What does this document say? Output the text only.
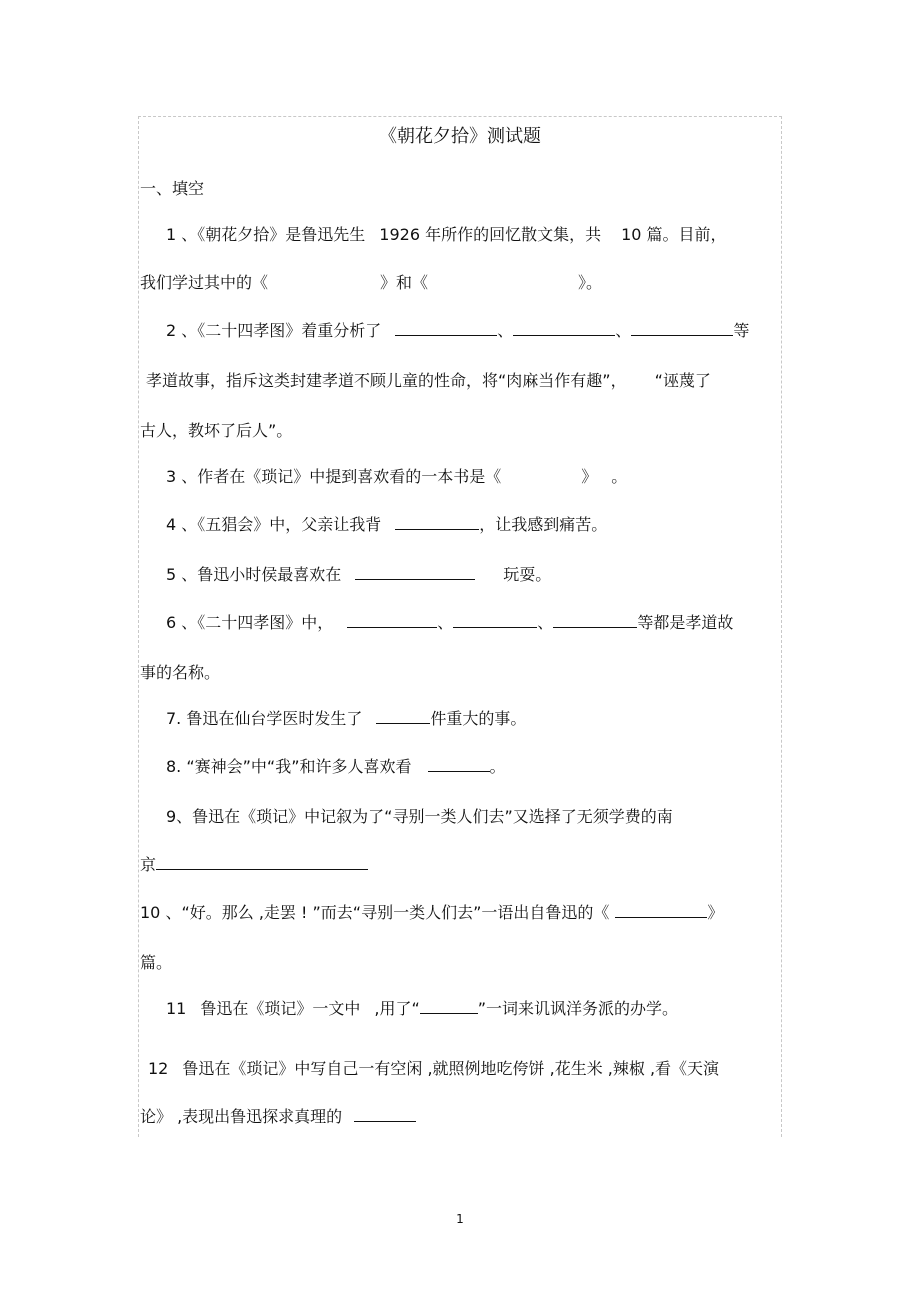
《朝花夕拾》测试题
一、填空
1 、《朝花夕拾》是鲁迅先生 1926 年所作的回忆散文集，共 10 篇。目前，
我们学过其中的《	》和《	》。
2 、《二十四孝图》着重分析了	、	、	等
孝道故事，指斥这类封建孝道不顾儿童的性命，将“肉麻当作有趣”， “诬蔑了
古人，教坏了后人”。
3 、作者在《琐记》中提到喜欢看的一本书是《	》 。
4 、《五猖会》中，父亲让我背	，让我感到痛苦。
5 、鲁迅小时侯最喜欢在	玩耍。
6 、《二十四孝图》中，	、	、	等都是孝道故
事的名称。
7. 鲁迅在仙台学医时发生了	件重大的事。
8. “赛神会”中“我”和许多人喜欢看	。
9、鲁迅在《琐记》中记叙为了“寻别一类人们去”又选择了无须学费的南
京
10 、“好。那么 ,走罢 ! ”而去“寻别一类人们去”一语出自鲁迅的《	》
篇。
11 鲁迅在《琐记》一文中 ,用了“	”一词来讥讽洋务派的办学。
12 鲁迅在《琐记》中写自己一有空闲 ,就照例地吃侉饼 ,花生米 ,辣椒 ,看《天演
论》 ,表现出鲁迅探求真理的
1
